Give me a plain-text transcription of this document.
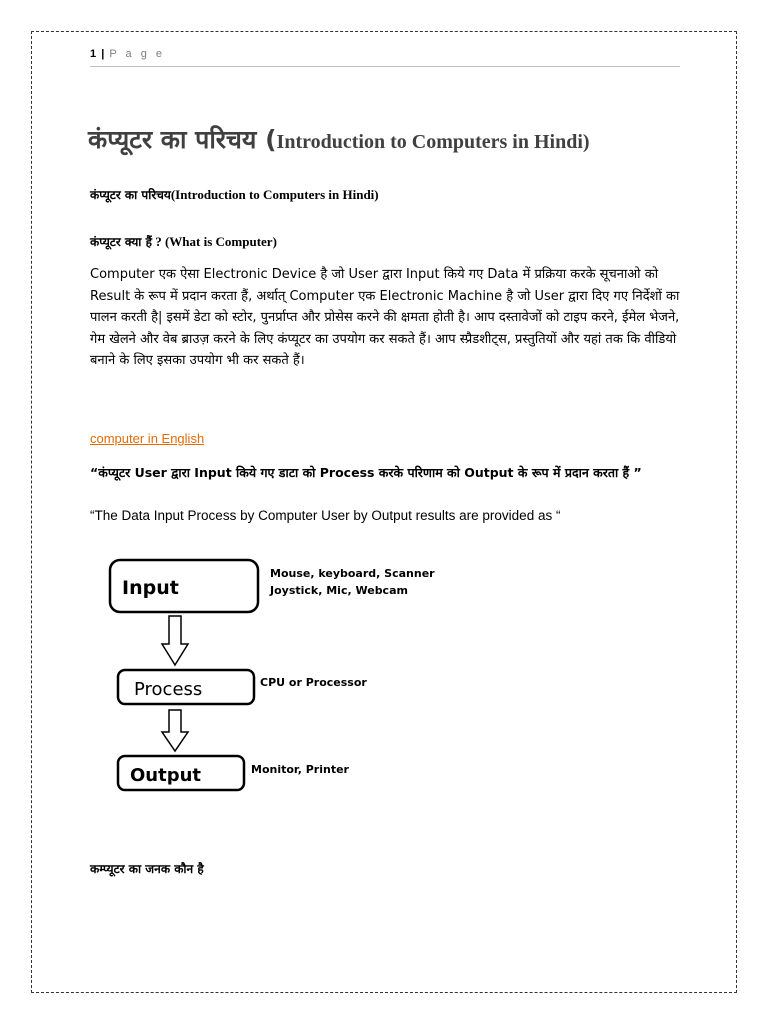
1 | P a g e
कंप्यूटर का परिचय (Introduction to Computers in Hindi)
कंप्यूटर का परिचय(Introduction to Computers in Hindi)
कंप्यूटर क्या हैं ? (What is Computer)
Computer एक ऐसा Electronic Device है जो User द्वारा Input किये गए Data में प्रक्रिया करके सूचनाओ को Result के रूप में प्रदान करता हैं, अर्थात् Computer एक Electronic Machine है जो User द्वारा दिए गए निर्देशों का पालन करती है| इसमें डेटा को स्टोर, पुनर्प्राप्त और प्रोसेस करने की क्षमता होती है। आप दस्तावेजों को टाइप करने, ईमेल भेजने, गेम खेलने और वेब ब्राउज़ करने के लिए कंप्यूटर का उपयोग कर सकते हैं। आप स्प्रैडशीट्स, प्रस्तुतियों और यहां तक कि वीडियो बनाने के लिए इसका उपयोग भी कर सकते हैं।
computer in English
“कंप्यूटर User द्वारा Input किये गए डाटा को Process करके परिणाम को Output के रूप में प्रदान करता हैं ”
“The Data Input Process by Computer User by Output results are provided as “
Input
Mouse, keyboard, Scanner
Joystick, Mic, Webcam
Process	CPU or Processor
Output	Monitor, Printer
कम्प्यूटर का जनक कौन है
